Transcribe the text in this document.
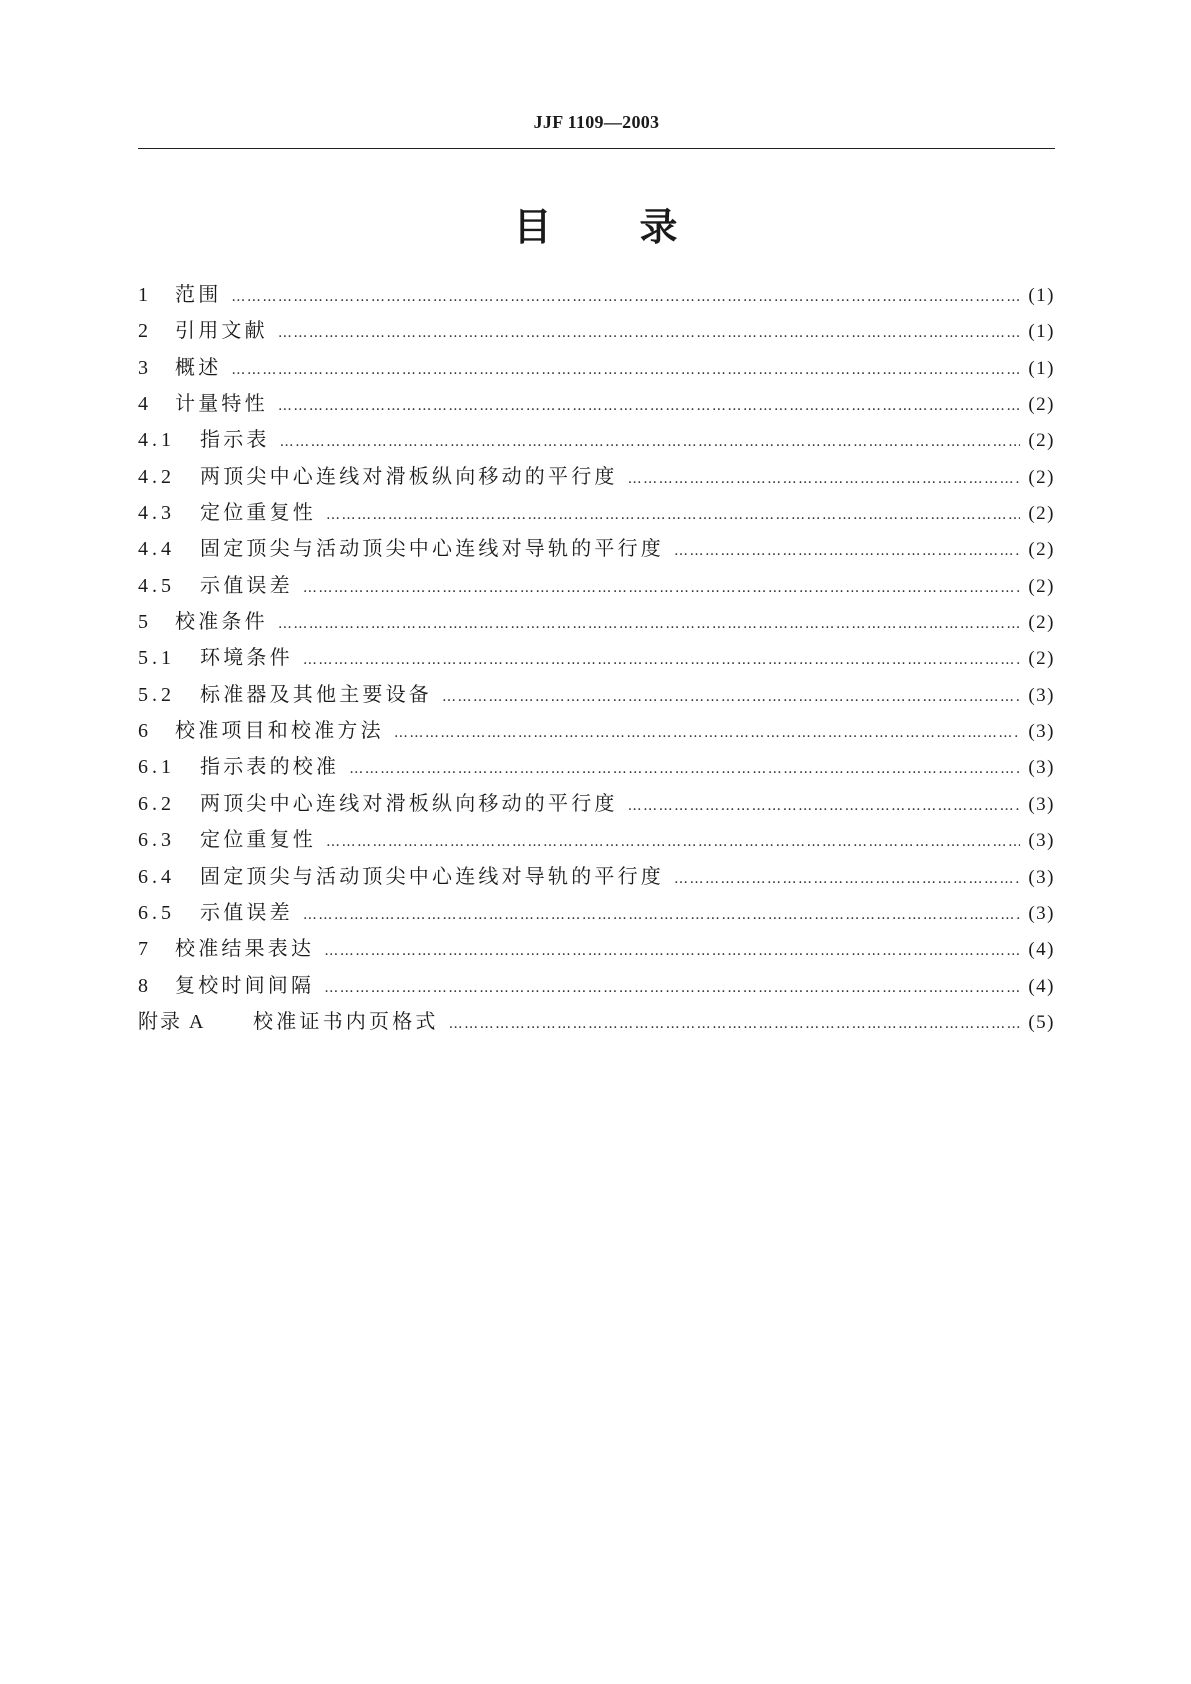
JJF 1109—2003
目 录
1	范围 ………………………………………………………………………………………………………………………………………………………………………………………………	(1)
2	引用文献 ………………………………………………………………………………………………………………………………………………………………………………………………	(1)
3	概述 ………………………………………………………………………………………………………………………………………………………………………………………………	(1)
4	计量特性 ………………………………………………………………………………………………………………………………………………………………………………………………	(2)
4.1	指示表 ………………………………………………………………………………………………………………………………………………………………………………………………	(2)
4.2	两顶尖中心连线对滑板纵向移动的平行度 ………………………………………………………………………………………………………………………………………………………………………………………………	(2)
4.3	定位重复性 ………………………………………………………………………………………………………………………………………………………………………………………………	(2)
4.4	固定顶尖与活动顶尖中心连线对导轨的平行度 ………………………………………………………………………………………………………………………………………………………………………………………………	(2)
4.5	示值误差 ………………………………………………………………………………………………………………………………………………………………………………………………	(2)
5	校准条件 ………………………………………………………………………………………………………………………………………………………………………………………………	(2)
5.1	环境条件 ………………………………………………………………………………………………………………………………………………………………………………………………	(2)
5.2	标准器及其他主要设备 ………………………………………………………………………………………………………………………………………………………………………………………………	(3)
6	校准项目和校准方法 ………………………………………………………………………………………………………………………………………………………………………………………………	(3)
6.1	指示表的校准 ………………………………………………………………………………………………………………………………………………………………………………………………	(3)
6.2	两顶尖中心连线对滑板纵向移动的平行度 ………………………………………………………………………………………………………………………………………………………………………………………………	(3)
6.3	定位重复性 ………………………………………………………………………………………………………………………………………………………………………………………………	(3)
6.4	固定顶尖与活动顶尖中心连线对导轨的平行度 ………………………………………………………………………………………………………………………………………………………………………………………………	(3)
6.5	示值误差 ………………………………………………………………………………………………………………………………………………………………………………………………	(3)
7	校准结果表达 ………………………………………………………………………………………………………………………………………………………………………………………………	(4)
8	复校时间间隔 ………………………………………………………………………………………………………………………………………………………………………………………………	(4)
附录 A	校准证书内页格式 ………………………………………………………………………………………………………………………………………………………………………………………………	(5)
